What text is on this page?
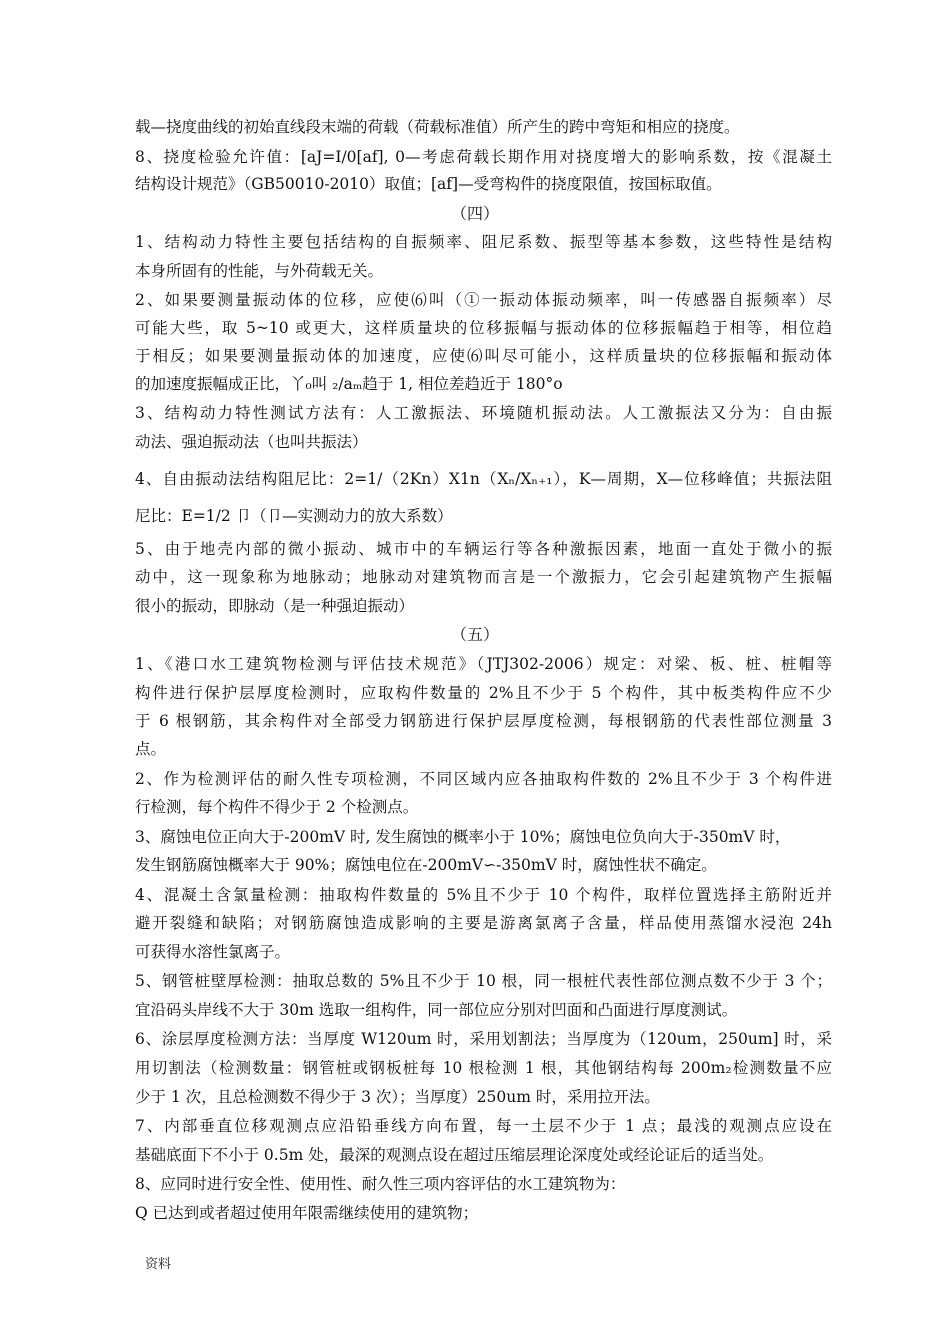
载—挠度曲线的初始直线段末端的荷载（荷载标准值）所产生的跨中弯矩和相应的挠度。
8、挠度检验允许值：[aJ=I/0[af], 0—考虑荷载长期作用对挠度增大的影响系数，按《混凝土
结构设计规范》（GB50010-2010）取值；[af]—受弯构件的挠度限值，按国标取值。
（四）
1、结构动力特性主要包括结构的自振频率、阻尼系数、振型等基本参数，这些特性是结构
本身所固有的性能，与外荷载无关。
2、如果要测量振动体的位移，应使⑹叫（①一振动体振动频率，叫一传感器自振频率）尽
可能大些，取 5~10 或更大，这样质量块的位移振幅与振动体的位移振幅趋于相等，相位趋
于相反；如果要测量振动体的加速度，应使⑹叫尽可能小，这样质量块的位移振幅和振动体
的加速度振幅成正比，丫₀叫 ₂/aₘ趋于 1, 相位差趋近于 180°o
3、结构动力特性测试方法有：人工激振法、环境随机振动法。人工激振法又分为：自由振
动法、强迫振动法（也叫共振法）
4、自由振动法结构阻尼比：2=1/（2Kn）X1n（Xₙ/Xₙ₊₁），K—周期，X—位移峰值；共振法阻
尼比：E=1/2 卩（卩—实测动力的放大系数）
5、由于地壳内部的微小振动、城市中的车辆运行等各种激振因素，地面一直处于微小的振
动中，这一现象称为地脉动；地脉动对建筑物而言是一个激振力，它会引起建筑物产生振幅
很小的振动，即脉动（是一种强迫振动）
（五）
1、《港口水工建筑物检测与评估技术规范》（JTJ302-2006）规定：对梁、板、桩、桩帽等
构件进行保护层厚度检测时，应取构件数量的 2%且不少于 5 个构件，其中板类构件应不少
于 6 根钢筋，其余构件对全部受力钢筋进行保护层厚度检测，每根钢筋的代表性部位测量 3
点。
2、作为检测评估的耐久性专项检测，不同区域内应各抽取构件数的 2%且不少于 3 个构件进
行检测，每个构件不得少于 2 个检测点。
3、腐蚀电位正向大于-200mV 时, 发生腐蚀的概率小于 10%；腐蚀电位负向大于-350mV 时，
发生钢筋腐蚀概率大于 90%；腐蚀电位在-200mV∽-350mV 时，腐蚀性状不确定。
4、混凝土含氯量检测：抽取构件数量的 5%且不少于 10 个构件，取样位置选择主筋附近并
避开裂缝和缺陷；对钢筋腐蚀造成影响的主要是游离氯离子含量，样品使用蒸馏水浸泡 24h
可获得水溶性氯离子。
5、钢管桩壁厚检测：抽取总数的 5%且不少于 10 根，同一根桩代表性部位测点数不少于 3 个；
宜沿码头岸线不大于 30m 选取一组构件，同一部位应分别对凹面和凸面进行厚度测试。
6、涂层厚度检测方法：当厚度 W120um 时，采用划割法；当厚度为（120um，250um] 时，采
用切割法（检测数量：钢管桩或钢板桩每 10 根检测 1 根，其他钢结构每 200m₂检测数量不应
少于 1 次，且总检测数不得少于 3 次）；当厚度）250um 时，采用拉开法。
7、内部垂直位移观测点应沿铅垂线方向布置，每一土层不少于 1 点；最浅的观测点应设在
基础底面下不小于 0.5m 处，最深的观测点设在超过压缩层理论深度处或经论证后的适当处。
8、应同时进行安全性、使用性、耐久性三项内容评估的水工建筑物为：
Q 已达到或者超过使用年限需继续使用的建筑物；
资料
